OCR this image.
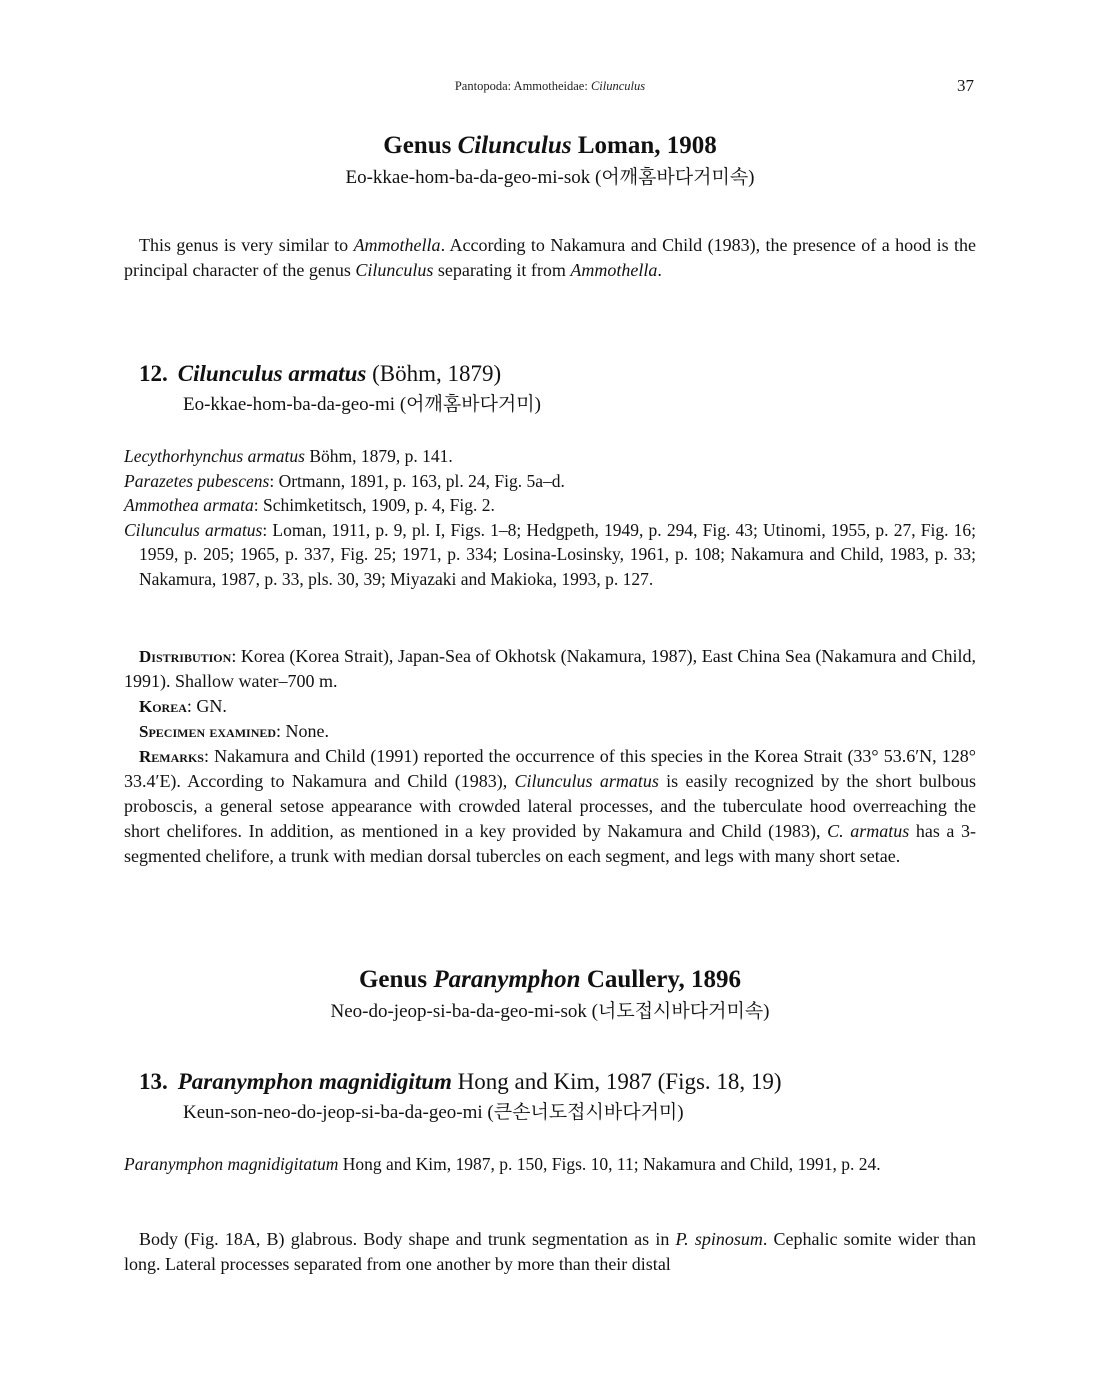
Pantopoda: Ammotheidae: Cilunculus	37
Genus Cilunculus Loman, 1908
Eo-kkae-hom-ba-da-geo-mi-sok (어깨홈바다거미속)

This genus is very similar to Ammothella. According to Nakamura and Child (1983), the presence of a hood is the principal character of the genus Cilunculus separating it from Ammothella.

12. Cilunculus armatus (Böhm, 1879)
Eo-kkae-hom-ba-da-geo-mi (어깨홈바다거미)
Lecythorhynchus armatus Böhm, 1879, p. 141.
Parazetes pubescens: Ortmann, 1891, p. 163, pl. 24, Fig. 5a–d.
Ammothea armata: Schimketitsch, 1909, p. 4, Fig. 2.
Cilunculus armatus: Loman, 1911, p. 9, pl. I, Figs. 1–8; Hedgpeth, 1949, p. 294, Fig. 43; Utinomi, 1955, p. 27, Fig. 16; 1959, p. 205; 1965, p. 337, Fig. 25; 1971, p. 334; Losina-Losinsky, 1961, p. 108; Nakamura and Child, 1983, p. 33; Nakamura, 1987, p. 33, pls. 30, 39; Miyazaki and Makioka, 1993, p. 127.
Distribution: Korea (Korea Strait), Japan-Sea of Okhotsk (Nakamura, 1987), East China Sea (Nakamura and Child, 1991). Shallow water–700 m.
Korea: GN.
Specimen examined: None.
Remarks: Nakamura and Child (1991) reported the occurrence of this species in the Korea Strait (33° 53.6′N, 128° 33.4′E). According to Nakamura and Child (1983), Cilunculus armatus is easily recognized by the short bulbous proboscis, a general setose appearance with crowded lateral processes, and the tuberculate hood overreaching the short chelifores. In addition, as mentioned in a key provided by Nakamura and Child (1983), C. armatus has a 3-segmented chelifore, a trunk with median dorsal tubercles on each segment, and legs with many short setae.
Genus Paranymphon Caullery, 1896
Neo-do-jeop-si-ba-da-geo-mi-sok (너도접시바다거미속)
13. Paranymphon magnidigitum Hong and Kim, 1987 (Figs. 18, 19)
Keun-son-neo-do-jeop-si-ba-da-geo-mi (큰손너도접시바다거미)
Paranymphon magnidigitatum Hong and Kim, 1987, p. 150, Figs. 10, 11; Nakamura and Child, 1991, p. 24.

Body (Fig. 18A, B) glabrous. Body shape and trunk segmentation as in P. spinosum. Cephalic somite wider than long. Lateral processes separated from one another by more than their distal
